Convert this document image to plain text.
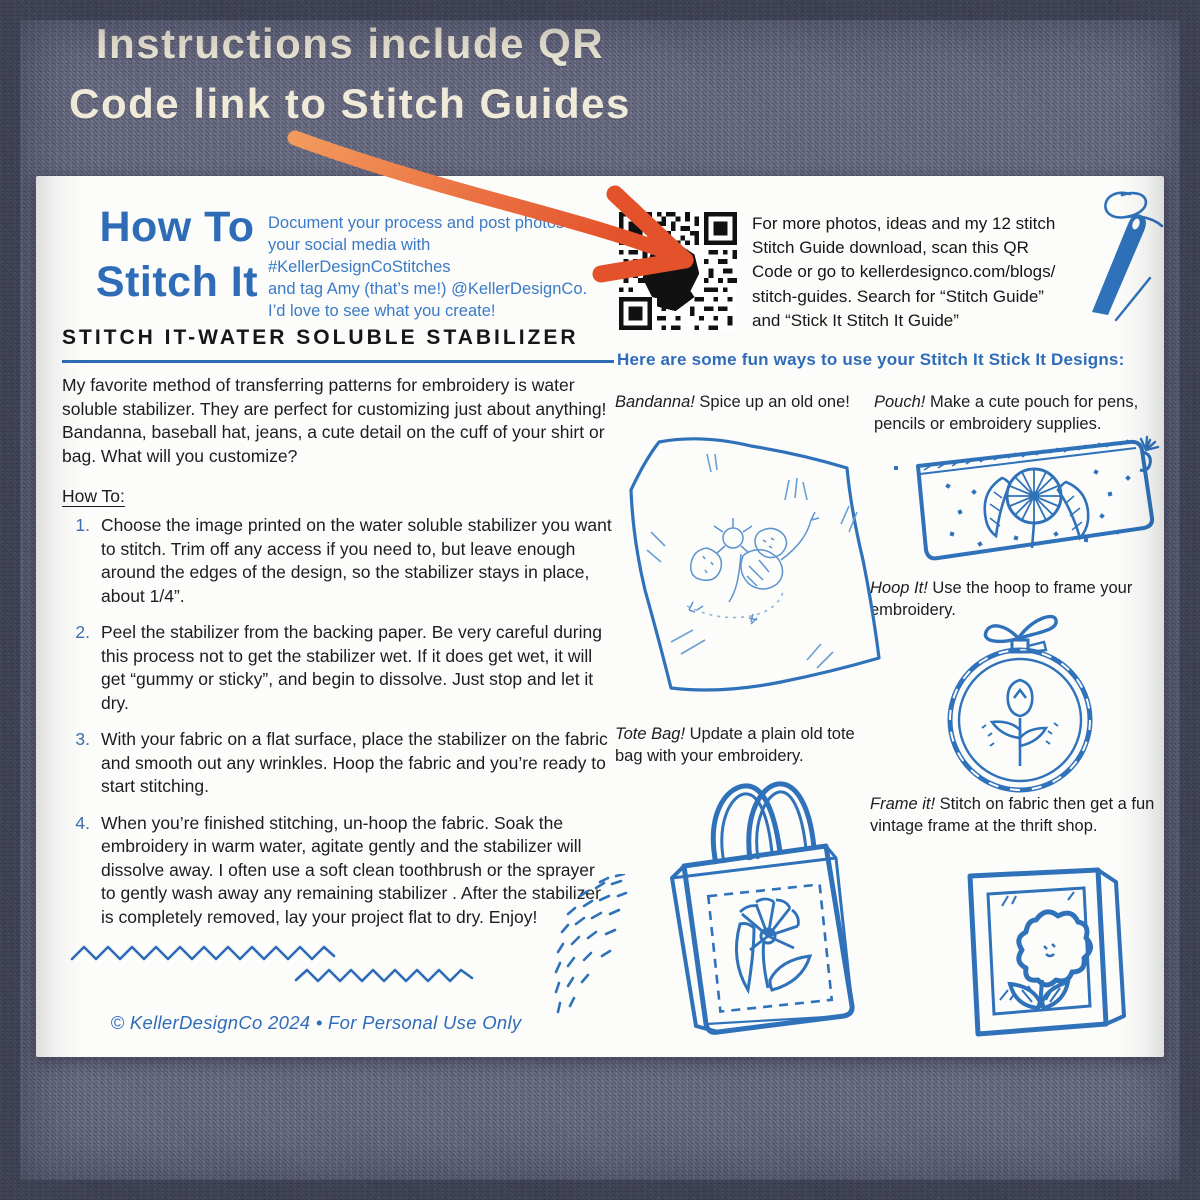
Instructions include QR
Code link to Stitch Guides
How To
Stitch It
Document your process and post photos to
your social media with
#KellerDesignCoStitches
and tag Amy (that’s me!) @KellerDesignCo.
I’d love to see what you create!
STITCH IT-WATER SOLUBLE STABILIZER
My favorite method of transferring patterns for embroidery is water soluble stabilizer. They are perfect for customizing just about anything! Bandanna, baseball hat, jeans, a cute detail on the cuff of your shirt or bag. What will you customize?
How To:
1. Choose the image printed on the water soluble stabilizer you want to stitch. Trim off any access if you need to, but leave enough around the edges of the design, so the stabilizer stays in place, about 1/4”.
2. Peel the stabilizer from the backing paper. Be very careful during this process not to get the stabilizer wet. If it does get wet, it will get “gummy or sticky”, and begin to dissolve. Just stop and let it dry.
3. With your fabric on a flat surface, place the stabilizer on the fabric and smooth out any wrinkles. Hoop the fabric and you’re ready to start stitching.
4. When you’re finished stitching, un-hoop the fabric. Soak the embroidery in warm water, agitate gently and the stabilizer will dissolve away. I often use a soft clean toothbrush or the sprayer to gently wash away any remaining stabilizer . After the stabilizer is completely removed, lay your project flat to dry. Enjoy!
© KellerDesignCo 2024 • For Personal Use Only
For more photos, ideas and my 12 stitch
Stitch Guide download, scan this QR
Code or go to kellerdesignco.com/blogs/
stitch-guides. Search for “Stitch Guide”
and “Stick It Stitch It Guide”
Here are some fun ways to use your Stitch It Stick It Designs:
Bandanna! Spice up an old one!	Pouch! Make a cute pouch for pens, pencils or embroidery supplies.
Hoop It! Use the hoop to frame your embroidery.
Tote Bag! Update a plain old tote bag with your embroidery.
Frame it! Stitch on fabric then get a fun vintage frame at the thrift shop.
